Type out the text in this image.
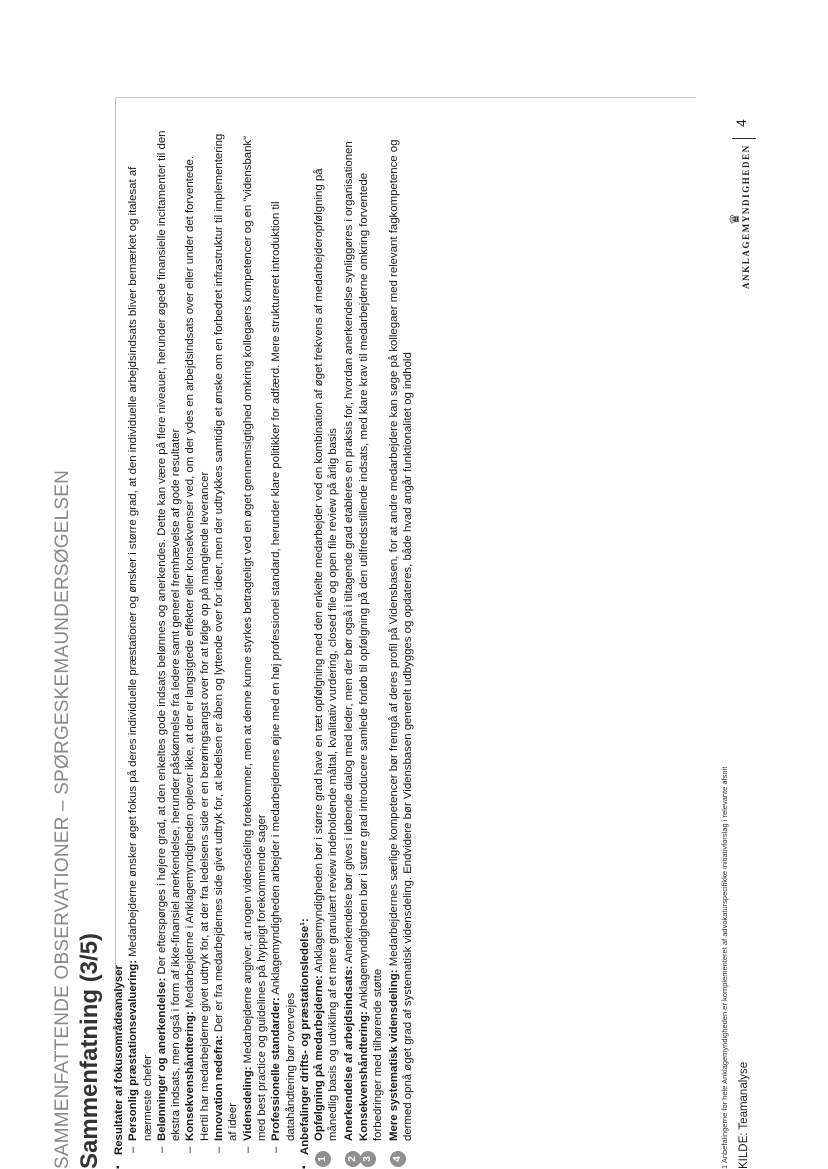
SAMMENFATTENDE OBSERVATIONER – SPØRGESKEMAUNDERSØGELSEN Sammenfatning (3/5) ▪ Resultater af fokusområdeanalyser –
Personlig præstationsevaluering: Medarbejderne ønsker øget fokus på deres individuelle præstationer og ønsker i større grad, at den individuelle arbejdsindsats bliver bemærket og italesat af nærmeste chefer

–
Belønninger og anerkendelse: Der efterspørges i højere grad, at den enkeltes gode indsats belønnes og anerkendes. Dette kan være på flere niveauer, herunder øgede finansielle incitamenter til den ekstra indsats, men også i form af ikke-finansiel anerkendelse, herunder påskønnelse fra ledere samt generel fremhævelse af gode resultater

–
Konsekvenshåndtering: Medarbejderne i Anklagemyndigheden oplever ikke, at der er langsigtede effekter eller konsekvenser ved, om der ydes en arbejdsindsats over eller under det forventede. Hertil har medarbejderne givet udtryk for, at der fra ledelsens side er en berøringsangst over for at følge op på manglende leverancer

–
Innovation nedefra: Der er fra medarbejdernes side givet udtryk for, at ledelsen er åben og lyttende over for ideer, men der udtrykkes samtidig et ønske om en forbedret infrastruktur til implementering af ideer

–
Vidensdeling: Medarbejderne angiver, at nogen vidensdeling forekommer, men at denne kunne styrkes betragteligt ved en øget gennemsigtighed omkring kollegaers kompetencer og en "vidensbank" med best practice og guidelines på hyppigt forekommende sager

–
Professionelle standarder: Anklagemyndigheden arbejder i medarbejdernes øjne med en høj professionel standard, herunder klare politikker for adfærd. Mere struktureret introduktion til datahåndtering bør overvejes ▪ Anbefalinger drifts- og præstationsledelse¹:

1
Opfølgning på medarbejderne: Anklagemyndigheden bør i større grad have en tæt opfølgning med den enkelte medarbejder ved en kombination af øget frekvens af medarbejderopfølgning på månedlig basis og udvikling af et mere granulært review indeholdende måltal, kvalitativ vurdering, closed file og open file review på årlig basis

2
Anerkendelse af arbejdsindsats: Anerkendelse bør gives i løbende dialog med leder, men der bør også i tiltagende grad etableres en praksis for, hvordan anerkendelse synliggøres i organisationen

3
Konsekvenshåndtering: Anklagemyndigheden bør i større grad introducere samlede forløb til opfølgning på den utilfredsstillende indsats, med klare krav til medarbejderne omkring forventede forbedringer med tilhørende støtte

4
Mere systematisk vidensdeling: Medarbejdernes særlige kompetencer bør fremgå af deres profil på Vidensbasen, for at andre medarbejdere kan søge på kollegaer med relevant fagkompetence og dermed opnå øget grad af systematisk vidensdeling. Endvidere bør Vidensbasen generelt udbygges og opdateres, både hvad angår funktionalitet og indhold	1 Anbefalingerne for hele Anklagemyndigheden er komplementeret af advokaturspecifikke initiativforslag i relevante afsnit KILDE: Teamanalyse
♛ ANKLAGEMYNDIGHEDEN
4
